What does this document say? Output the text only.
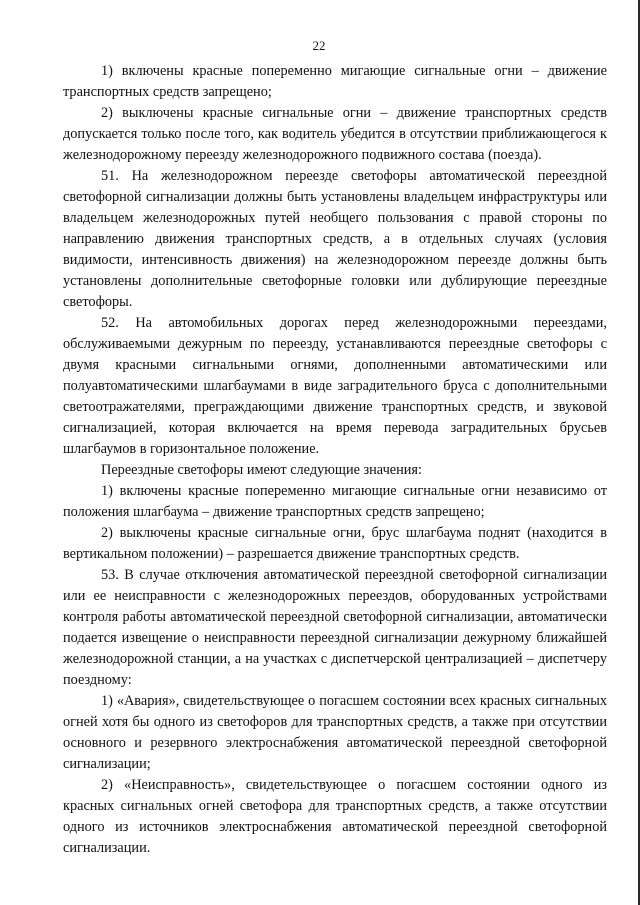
22

1) включены красные попеременно мигающие сигнальные огни – движение транспортных средств запрещено;

2) выключены красные сигнальные огни – движение транспортных средств допускается только после того, как водитель убедится в отсутствии приближающегося к железнодорожному переезду железнодорожного подвижного состава (поезда).

51. На железнодорожном переезде светофоры автоматической переездной светофорной сигнализации должны быть установлены владельцем инфраструктуры или владельцем железнодорожных путей необщего пользования с правой стороны по направлению движения транспортных средств, а в отдельных случаях (условия видимости, интенсивность движения) на железнодорожном переезде должны быть установлены дополнительные светофорные головки или дублирующие переездные светофоры.

52. На автомобильных дорогах перед железнодорожными переездами, обслуживаемыми дежурным по переезду, устанавливаются переездные светофоры с двумя красными сигнальными огнями, дополненными автоматическими или полуавтоматическими шлагбаумами в виде заградительного бруса с дополнительными светоотражателями, преграждающими движение транспортных средств, и звуковой сигнализацией, которая включается на время перевода заградительных брусьев шлагбаумов в горизонтальное положение.

Переездные светофоры имеют следующие значения:

1) включены красные попеременно мигающие сигнальные огни независимо от положения шлагбаума – движение транспортных средств запрещено;

2) выключены красные сигнальные огни, брус шлагбаума поднят (находится в вертикальном положении) – разрешается движение транспортных средств.

53. В случае отключения автоматической переездной светофорной сигнализации или ее неисправности с железнодорожных переездов, оборудованных устройствами контроля работы автоматической переездной светофорной сигнализации, автоматически подается извещение о неисправности переездной сигнализации дежурному ближайшей железнодорожной станции, а на участках с диспетчерской централизацией – диспетчеру поездному:

1) «Авария», свидетельствующее о погасшем состоянии всех красных сигнальных огней хотя бы одного из светофоров для транспортных средств, а также при отсутствии основного и резервного электроснабжения автоматической переездной светофорной сигнализации;

2) «Неисправность», свидетельствующее о погасшем состоянии одного из красных сигнальных огней светофора для транспортных средств, а также отсутствии одного из источников электроснабжения автоматической переездной светофорной сигнализации.
